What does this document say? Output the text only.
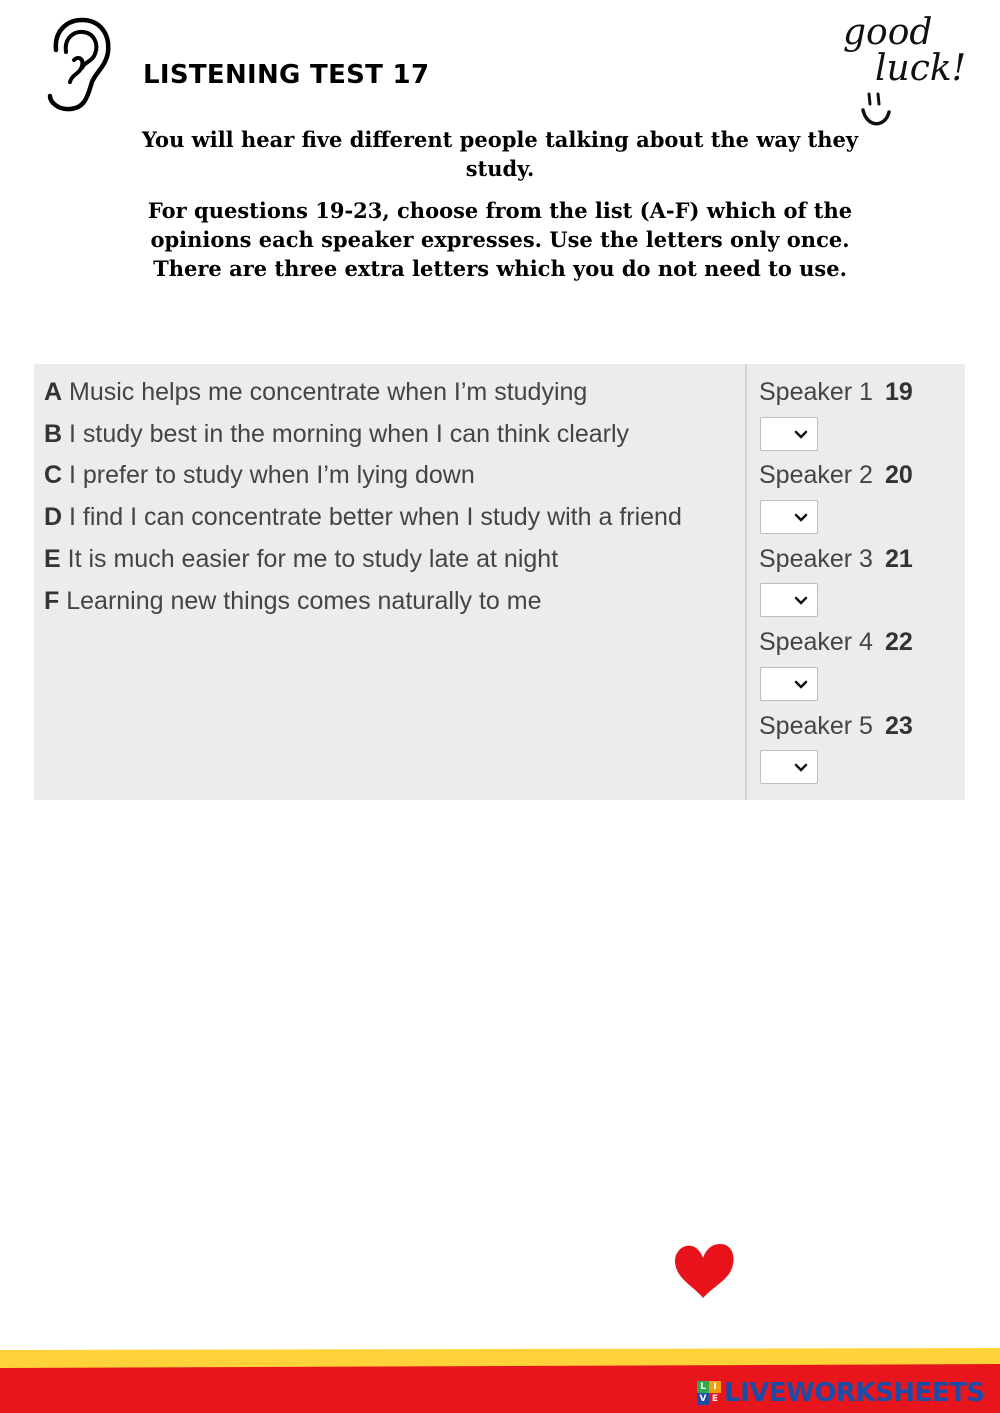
LISTENING TEST 17
good
luck!
You will hear five different people talking about the way they study.
For questions 19-23, choose from the list (A-F) which of the opinions each speaker expresses. Use the letters only once. There are three extra letters which you do not need to use.
A Music helps me concentrate when I’m studying
B I study best in the morning when I can think clearly
C I prefer to study when I’m lying down
D I find I can concentrate better when I study with a friend
E It is much easier for me to study late at night
F Learning new things comes naturally to me
Speaker 1 19
Speaker 2 20
Speaker 3 21
Speaker 4 22
Speaker 5 23
L I
V E LIVEWORKSHEETS
